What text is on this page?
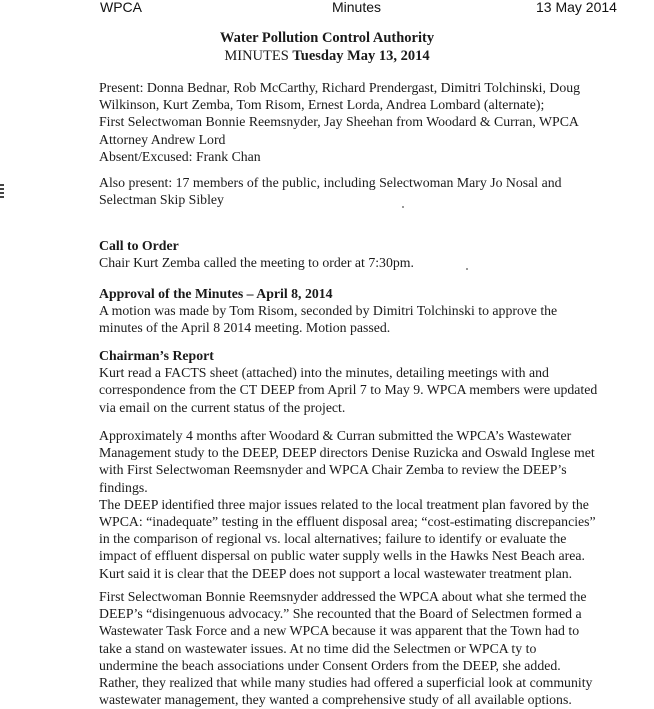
WPCA	Minutes	13 May 2014
Water Pollution Control Authority
MINUTES Tuesday May 13, 2014
Present: Donna Bednar, Rob McCarthy, Richard Prendergast, Dimitri Tolchinski, Doug
Wilkinson, Kurt Zemba, Tom Risom, Ernest Lorda, Andrea Lombard (alternate);
First Selectwoman Bonnie Reemsnyder, Jay Sheehan from Woodard & Curran, WPCA
Attorney Andrew Lord
Absent/Excused: Frank Chan
Also present: 17 members of the public, including Selectwoman Mary Jo Nosal and
Selectman Skip Sibley
Call to Order
Chair Kurt Zemba called the meeting to order at 7:30pm.
Approval of the Minutes – April 8, 2014
A motion was made by Tom Risom, seconded by Dimitri Tolchinski to approve the
minutes of the April 8 2014 meeting. Motion passed.
Chairman’s Report
Kurt read a FACTS sheet (attached) into the minutes, detailing meetings with and
correspondence from the CT DEEP from April 7 to May 9. WPCA members were updated
via email on the current status of the project.
Approximately 4 months after Woodard & Curran submitted the WPCA’s Wastewater
Management study to the DEEP, DEEP directors Denise Ruzicka and Oswald Inglese met
with First Selectwoman Reemsnyder and WPCA Chair Zemba to review the DEEP’s
findings.
The DEEP identified three major issues related to the local treatment plan favored by the
WPCA: “inadequate” testing in the effluent disposal area; “cost-estimating discrepancies”
in the comparison of regional vs. local alternatives; failure to identify or evaluate the
impact of effluent dispersal on public water supply wells in the Hawks Nest Beach area.
Kurt said it is clear that the DEEP does not support a local wastewater treatment plan.
First Selectwoman Bonnie Reemsnyder addressed the WPCA about what she termed the
DEEP’s “disingenuous advocacy.” She recounted that the Board of Selectmen formed a
Wastewater Task Force and a new WPCA because it was apparent that the Town had to
take a stand on wastewater issues. At no time did the Selectmen or WPCA ty to
undermine the beach associations under Consent Orders from the DEEP, she added.
Rather, they realized that while many studies had offered a superficial look at community
wastewater management, they wanted a comprehensive study of all available options.
